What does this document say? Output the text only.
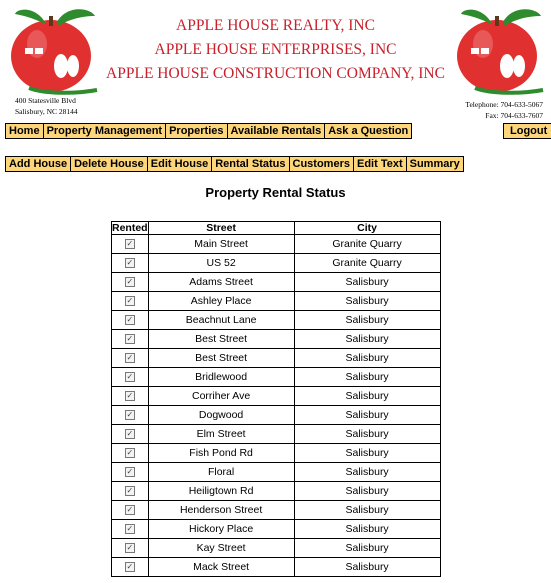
APPLE HOUSE REALTY, INC
APPLE HOUSE ENTERPRISES, INC
APPLE HOUSE CONSTRUCTION COMPANY, INC
400 Statesville Blvd
Salisbury, NC 28144
Telephone: 704-633-5067
Fax: 704-633-7607
Home Property Management Properties Available Rentals Ask a Question	Logout
Add House Delete House Edit House Rental Status Customers Edit Text Summary
Property Rental Status
Rented	Street	City
✓	Main Street	Granite Quarry
✓	US 52	Granite Quarry
✓	Adams Street	Salisbury
✓	Ashley Place	Salisbury
✓	Beachnut Lane	Salisbury
✓	Best Street	Salisbury
✓	Best Street	Salisbury
✓	Bridlewood	Salisbury
✓	Corriher Ave	Salisbury
✓	Dogwood	Salisbury
✓	Elm Street	Salisbury
✓	Fish Pond Rd	Salisbury
✓	Floral	Salisbury
✓	Heiligtown Rd	Salisbury
✓	Henderson Street	Salisbury
✓	Hickory Place	Salisbury
✓	Kay Street	Salisbury
✓	Mack Street	Salisbury
